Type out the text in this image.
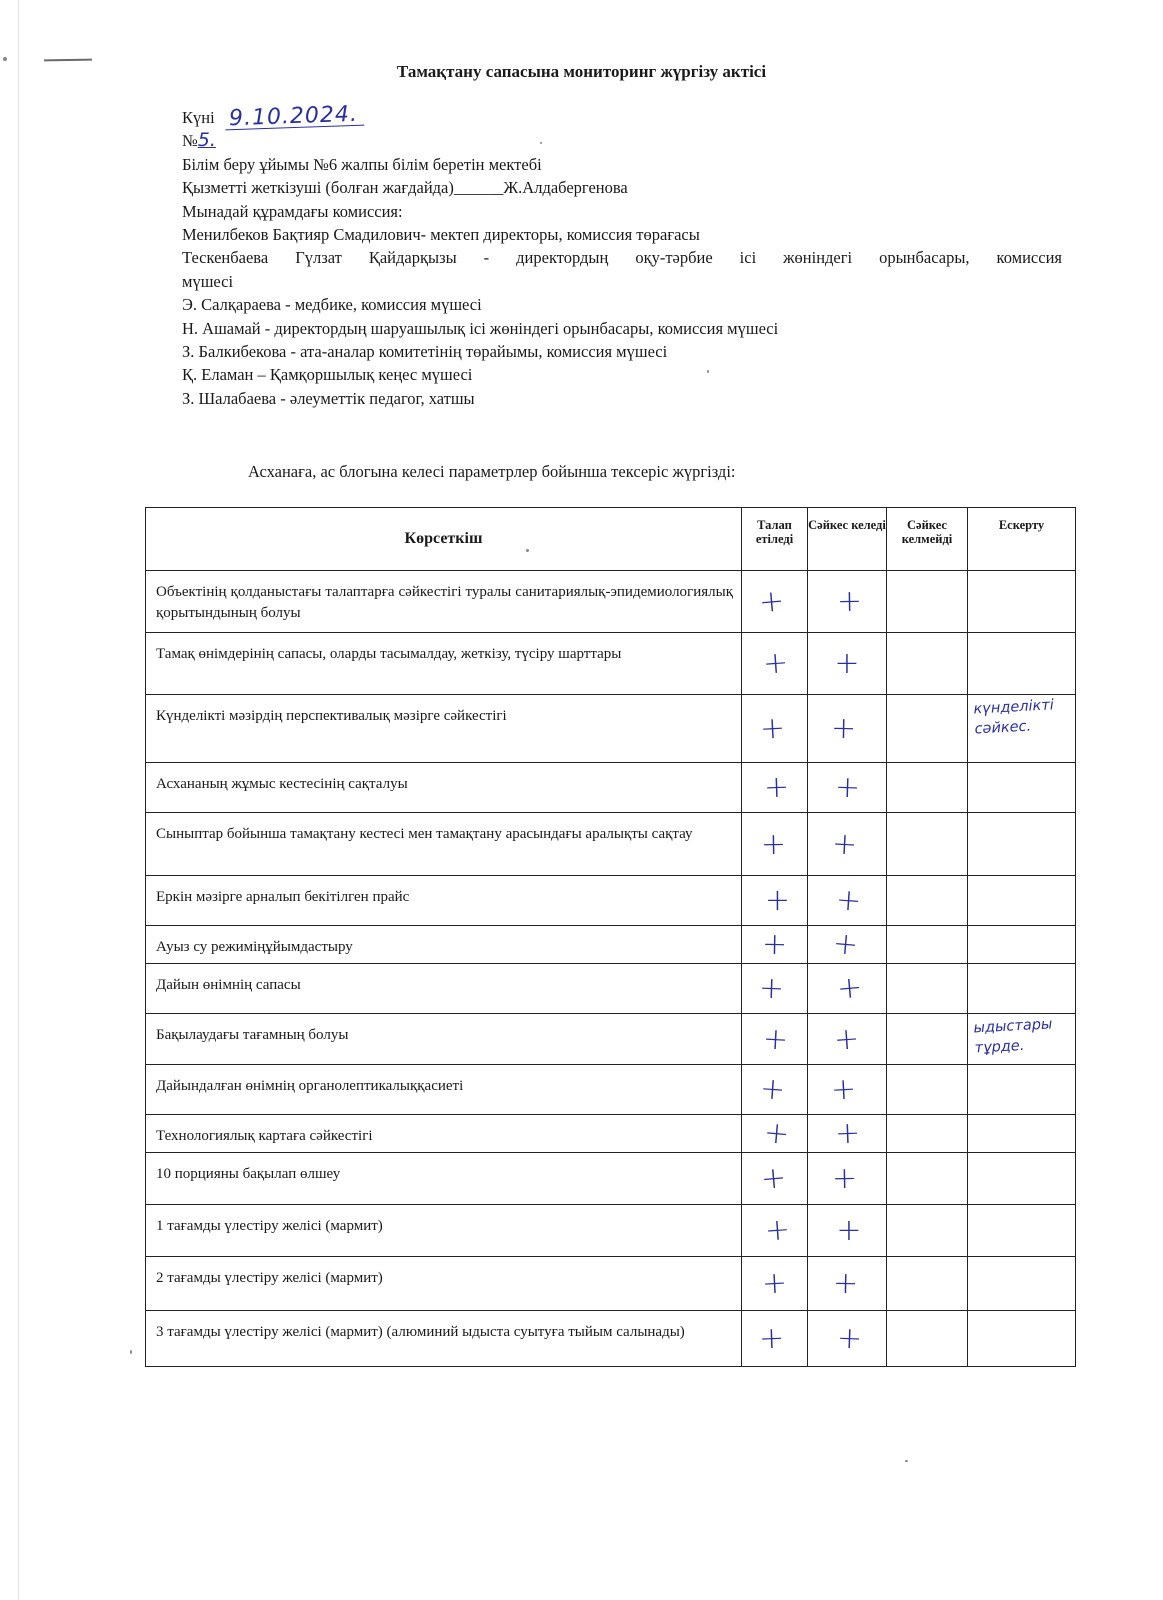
Тамақтану сапасына мониторинг жүргізу актісі
Күні 9.10.2024.
№5.
Білім беру ұйымы №6 жалпы білім беретін мектебі
Қызметті жеткізуші (болған жағдайда)______Ж.Алдабергенова
Мынадай құрамдағы комиссия:
Менилбеков Бақтияр Смадилович- мектеп директоры, комиссия төрағасы
Тескенбаева Гүлзат Қайдарқызы - директордың оқу-тәрбие ісі жөніндегі орынбасары, комиссия
мүшесі
Э. Салқараева - медбике, комиссия мүшесі
Н. Ашамай - директордың шаруашылық ісі жөніндегі орынбасары, комиссия мүшесі
З. Балкибекова - ата-аналар комитетінің төрайымы, комиссия мүшесі
Қ. Еламан – Қамқоршылық кеңес мүшесі
З. Шалабаева - әлеуметтік педагог, хатшы
Асханаға, ас блогына келесі параметрлер бойынша тексеріс жүргізді:
Көрсеткіш	Талап етіледі	Сәйкес келеді	Сәйкес келмейді	Ескерту
Объектінің қолданыстағы талаптарға сәйкестігі туралы санитариялық-эпидемиологиялық қорытындының болуы	+	+		

Тамақ өнімдерінің сапасы, оларды тасымалдау, жеткізу, түсіру шарттары	+	+		

Күнделікті мәзірдің перспективалық мәзірге сәйкестігі	+	+		күнделікті сәйкес.

Асхананың жұмыс кестесінің сақталуы	+	+		

Сыныптар бойынша тамақтану кестесі мен тамақтану арасындағы аралықты сақтау	+	+		

Еркін мәзірге арналып бекітілген прайс	+	+		

Ауыз су режиміңұйымдастыру	+	+		

Дайын өнімнің сапасы	+	+		

Бақылаудағы тағамның болуы	+	+		ыдыстары тұрде.

Дайындалған өнімнің органолептикалыққасиеті	+	+		

Технологиялық картаға сәйкестігі	+	+		

10 порцияны бақылап өлшеу	+	+		

1 тағамды үлестіру желісі (мармит)	+	+		

2 тағамды үлестіру желісі (мармит)	+	+		

3 тағамды үлестіру желісі (мармит) (алюминий ыдыста суытуға тыйым салынады)	+	+		
